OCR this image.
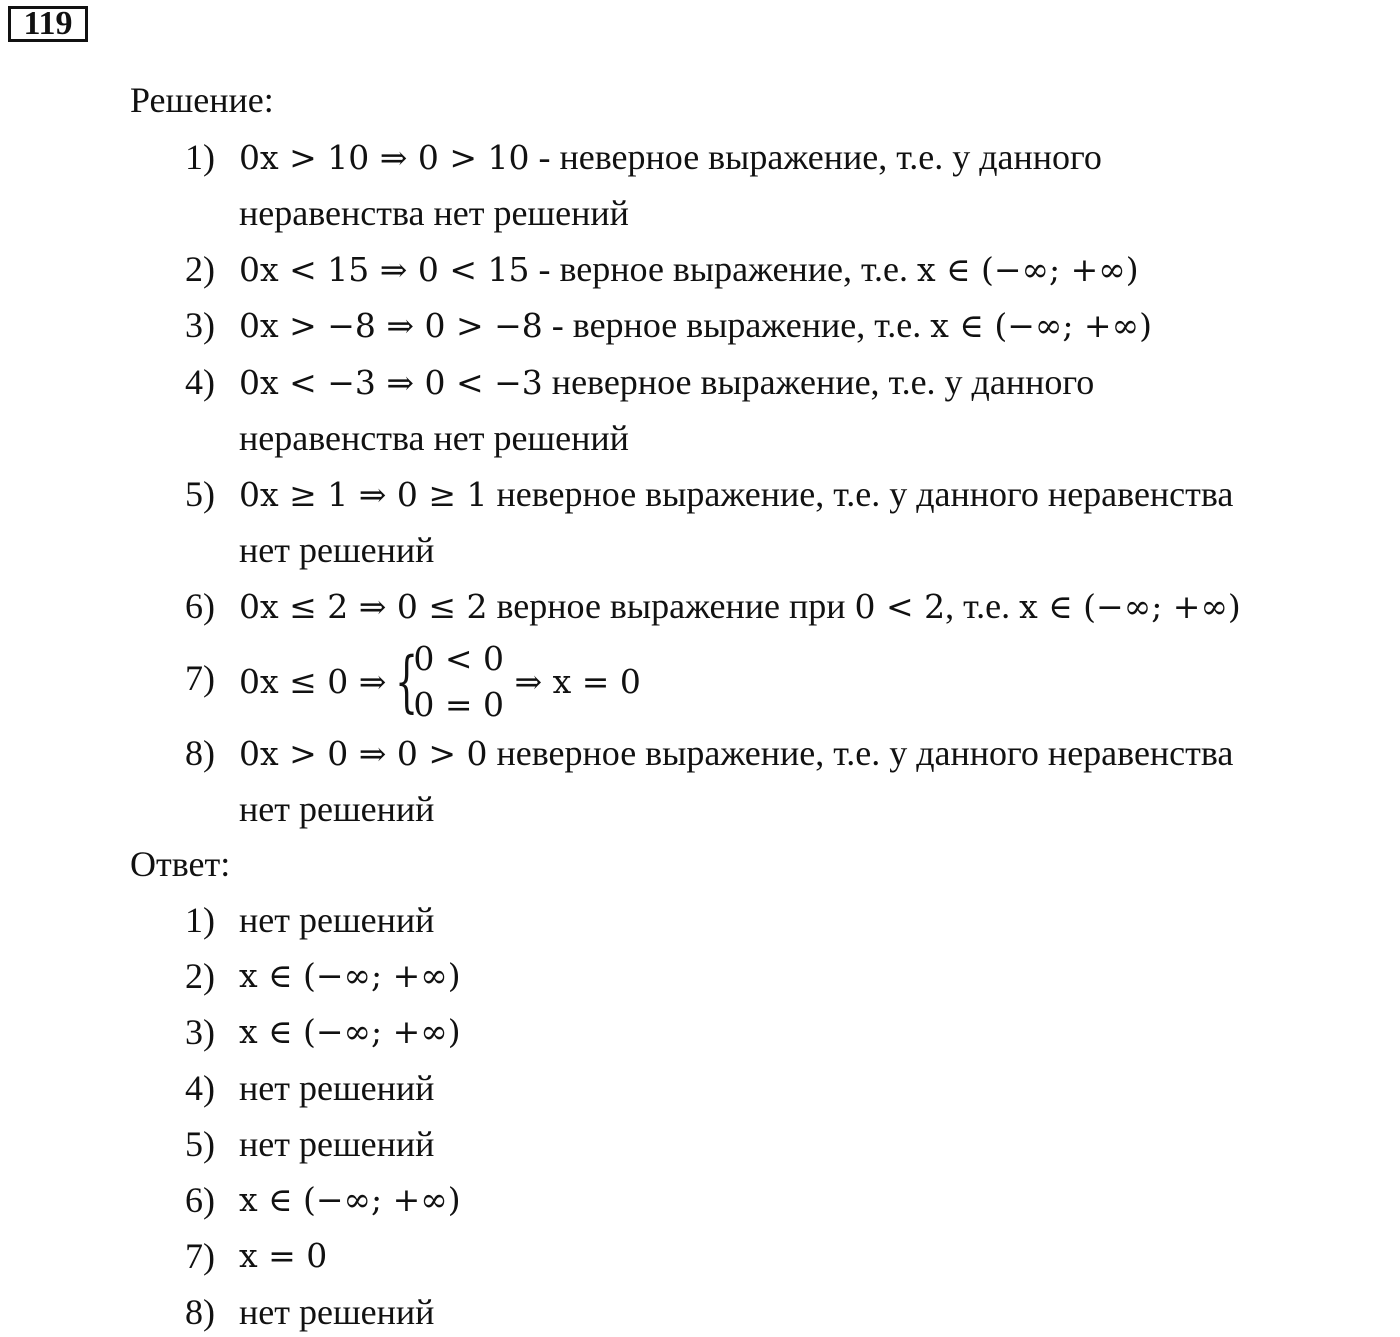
119
Решение:
1) 0x > 10 ⇒ 0 > 10 - неверное выражение, т.е. у данного
неравенства нет решений
2) 0x < 15 ⇒ 0 < 15 - верное выражение, т.е. x ∈ (−∞; +∞)
3) 0x > −8 ⇒ 0 > −8 - верное выражение, т.е. x ∈ (−∞; +∞)
4) 0x < −3 ⇒ 0 < −3 неверное выражение, т.е. у данного
неравенства нет решений
5) 0x ≥ 1 ⇒ 0 ≥ 1 неверное выражение, т.е. у данного неравенства
нет решений
6) 0x ≤ 2 ⇒ 0 ≤ 2 верное выражение при 0 < 2, т.е. x ∈ (−∞; +∞)
7) 0x ≤ 0 ⇒ {0 < 0
0 = 0 ⇒ x = 0
8) 0x > 0 ⇒ 0 > 0 неверное выражение, т.е. у данного неравенства
нет решений
Ответ:
1) нет решений
2) x ∈ (−∞; +∞)
3) x ∈ (−∞; +∞)
4) нет решений
5) нет решений
6) x ∈ (−∞; +∞)
7) x = 0
8) нет решений
